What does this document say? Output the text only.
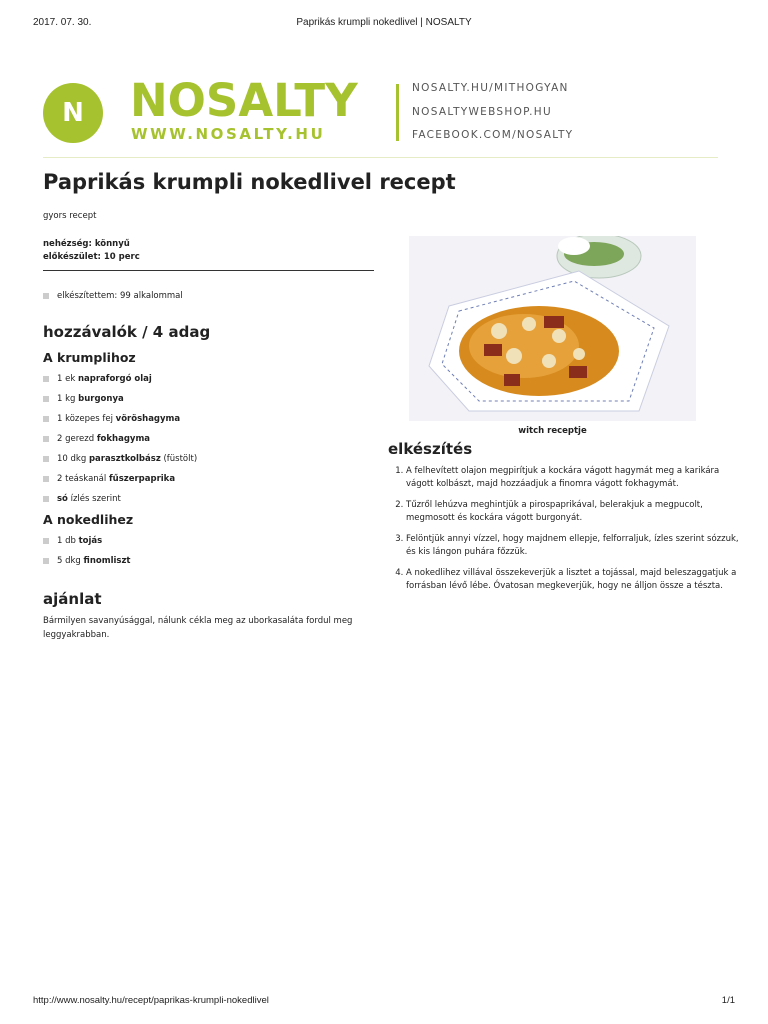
2017. 07. 30.	Paprikás krumpli nokedlivel | NOSALTY
N NOSALTY
WWW.NOSALTY.HU
NOSALTY.HU/MITHOGYAN
NOSALTYWEBSHOP.HU
FACEBOOK.COM/NOSALTY
Paprikás krumpli nokedlivel recept
gyors recept
nehézség: könnyű
előkészület: 10 perc
elkészítettem: 99 alkalommal
hozzávalók / 4 adag
A krumplihoz
1 ek napraforgó olaj
1 kg burgonya
1 közepes fej vöröshagyma
2 gerezd fokhagyma
10 dkg parasztkolbász (füstölt)
2 teáskanál fűszerpaprika
só ízlés szerint
A nokedlihez
1 db tojás
5 dkg finomliszt
ajánlat
Bármilyen savanyúsággal, nálunk cékla meg az uborkasaláta fordul meg leggyakrabban.
witch receptje
elkészítés
1. A felhevített olajon megpirítjuk a kockára vágott hagymát meg a karikára vágott kolbászt, majd hozzáadjuk a finomra vágott fokhagymát.
2. Tűzről lehúzva meghintjük a pirospaprikával, belerakjuk a megpucolt, megmosott és kockára vágott burgonyát.
3. Felöntjük annyi vízzel, hogy majdnem ellepje, felforraljuk, ízles szerint sózzuk, és kis lángon puhára főzzük.
4. A nokedlihez villával összekeverjük a lisztet a tojással, majd beleszaggatjuk a forrásban lévő lébe. Óvatosan megkeverjük, hogy ne álljon össze a tészta.
http://www.nosalty.hu/recept/paprikas-krumpli-nokedlivel	1/1
